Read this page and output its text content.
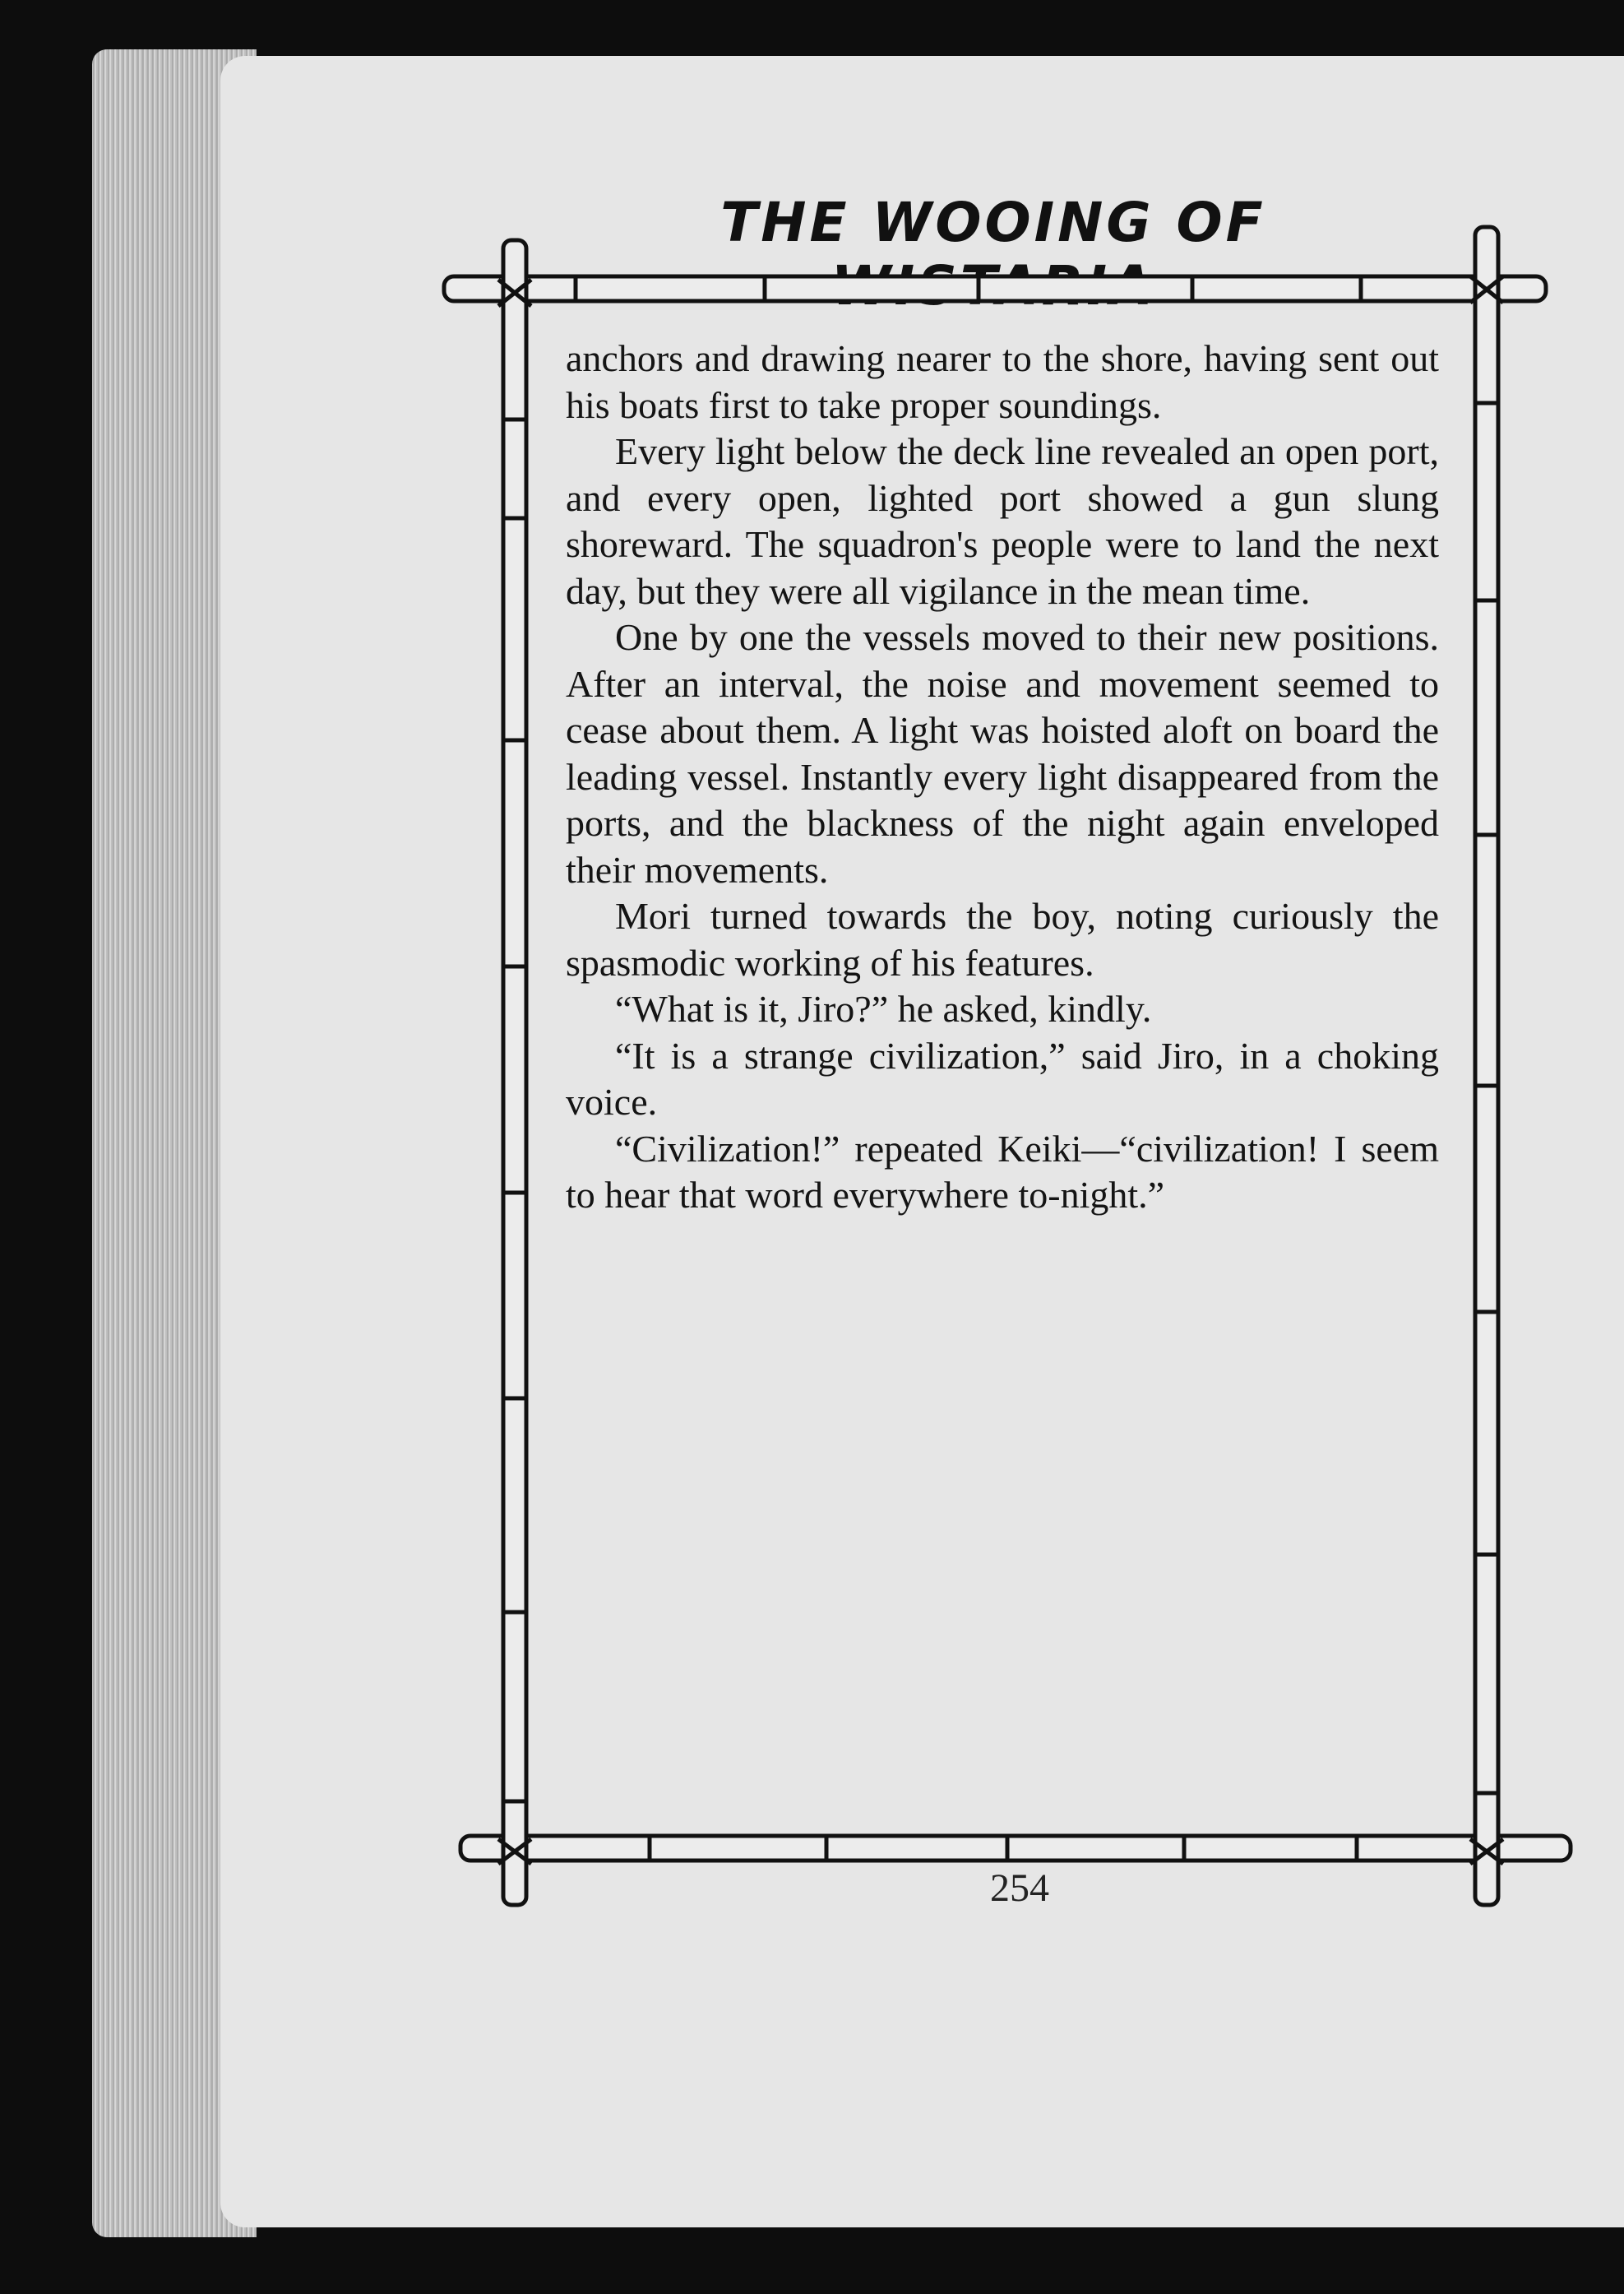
THE WOOING OF

anchors and drawing nearer to the shore, having sent out his boats first to take proper soundings.

Every light below the deck line revealed an open port, and every open, lighted port showed a gun slung shoreward. The squadron's people were to land the next day, but they were all vigilance in the mean time.

One by one the vessels moved to their new positions. After an interval, the noise and movement seemed to cease about them. A light was hoisted aloft on board the leading vessel. Instantly every light disappeared from the ports, and the blackness of the night again enveloped their movements.

Mori turned towards the boy, noting curiously the spasmodic working of his features.

“What is it, Jiro?” he asked, kindly.

“It is a strange civilization,” said Jiro, in a choking voice.

“Civilization!” repeated Keiki—“civilization! I seem to hear that word everywhere to-night.”

254
